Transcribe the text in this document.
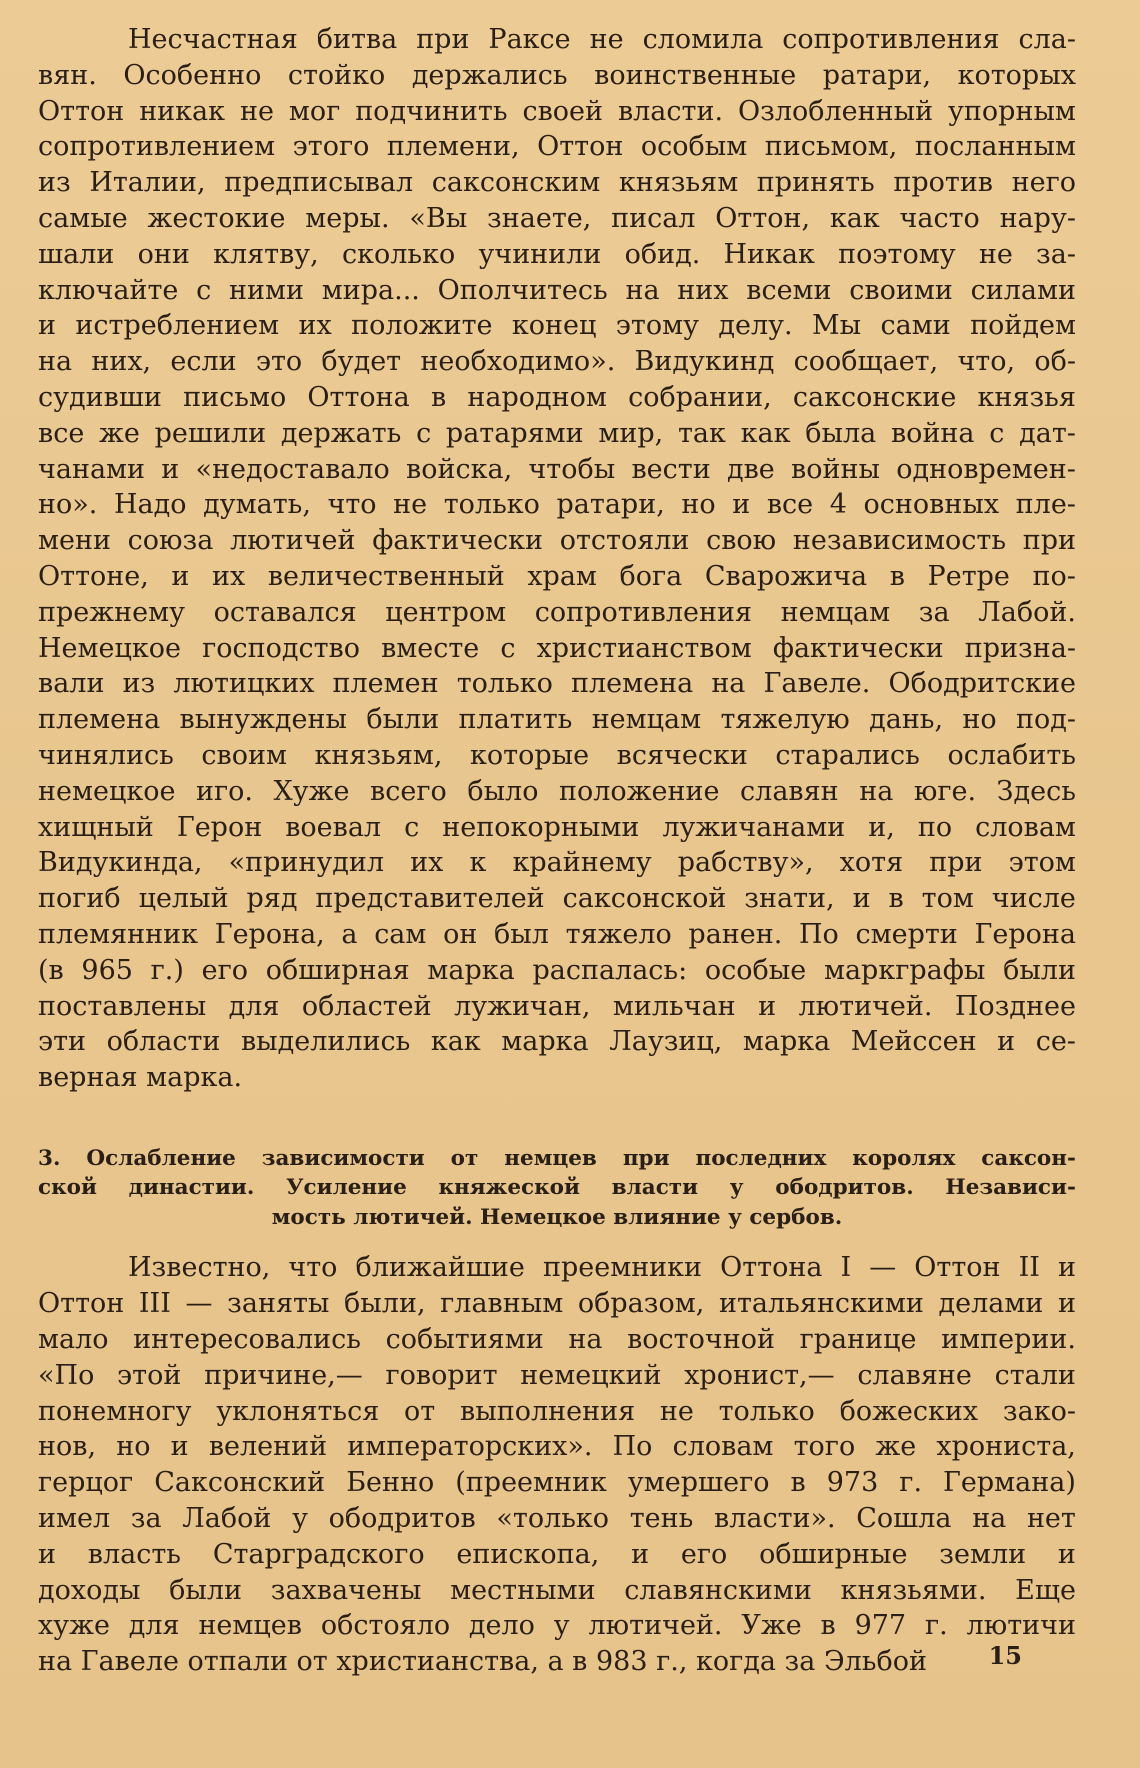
Несчастная битва при Раксе не сломила сопротивления сла-
вян. Особенно стойко держались воинственные ратари, которых
Оттон никак не мог подчинить своей власти. Озлобленный упорным
сопротивлением этого племени, Оттон особым письмом, посланным
из Италии, предписывал саксонским князьям принять против него
самые жестокие меры. «Вы знаете, писал Оттон, как часто нару-
шали они клятву, сколько учинили обид. Никак поэтому не за-
ключайте с ними мира... Ополчитесь на них всеми своими силами
и истреблением их положите конец этому делу. Мы сами пойдем
на них, если это будет необходимо». Видукинд сообщает, что, об-
судивши письмо Оттона в народном собрании, саксонские князья
все же решили держать с ратарями мир, так как была война с дат-
чанами и «недоставало войска, чтобы вести две войны одновремен-
но». Надо думать, что не только ратари, но и все 4 основных пле-
мени союза лютичей фактически отстояли свою независимость при
Оттоне, и их величественный храм бога Сварожича в Ретре по-
прежнему оставался центром сопротивления немцам за Лабой.
Немецкое господство вместе с христианством фактически призна-
вали из лютицких племен только племена на Гавеле. Ободритские
племена вынуждены были платить немцам тяжелую дань, но под-
чинялись своим князьям, которые всячески старались ослабить
немецкое иго. Хуже всего было положение славян на юге. Здесь
хищный Герон воевал с непокорными лужичанами и, по словам
Видукинда, «принудил их к крайнему рабству», хотя при этом
погиб целый ряд представителей саксонской знати, и в том числе
племянник Герона, а сам он был тяжело ранен. По смерти Герона
(в 965 г.) его обширная марка распалась: особые маркграфы были
поставлены для областей лужичан, мильчан и лютичей. Позднее
эти области выделились как марка Лаузиц, марка Мейссен и се-
верная марка.
3. Ослабление зависимости от немцев при последних королях саксон-
ской династии. Усиление княжеской власти у ободритов. Независи-
мость лютичей. Немецкое влияние у сербов.
Известно, что ближайшие преемники Оттона I — Оттон II и
Оттон III — заняты были, главным образом, итальянскими делами и
мало интересовались событиями на восточной границе империи.
«По этой причине,— говорит немецкий хронист,— славяне стали
понемногу уклоняться от выполнения не только божеских зако-
нов, но и велений императорских». По словам того же хрониста,
герцог Саксонский Бенно (преемник умершего в 973 г. Германа)
имел за Лабой у ободритов «только тень власти». Сошла на нет
и власть Старградского епископа, и его обширные земли и
доходы были захвачены местными славянскими князьями. Еще
хуже для немцев обстояло дело у лютичей. Уже в 977 г. лютичи
на Гавеле отпали от христианства, а в 983 г., когда за Эльбой	15
